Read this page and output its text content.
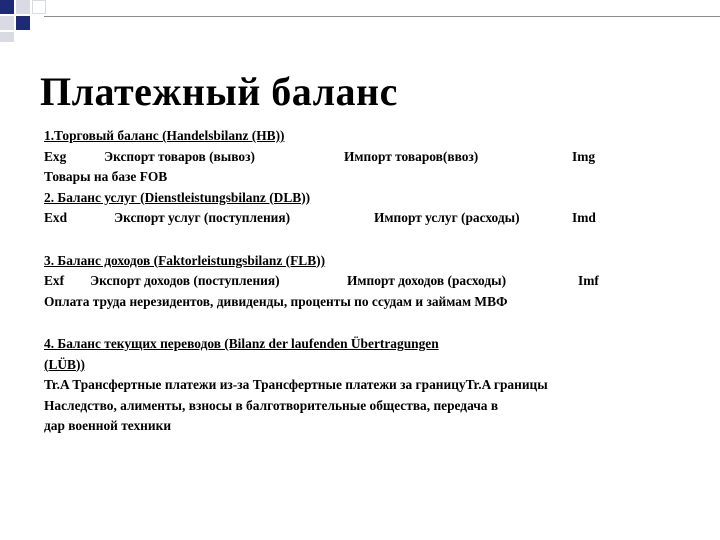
Платежный баланс
1.Торговый баланс (Handelsbilanz (HB))
Exg	Экспорт товаров (вывоз)	Импорт товаров(ввоз)	Img
Товары на базе FOB
2. Баланс услуг (Dienstleistungsbilanz (DLB))
Exd	Экспорт услуг (поступления)	Импорт услуг (расходы)	Imd
3. Баланс доходов (Faktorleistungsbilanz (FLB))
Exf Экспорт доходов (поступления)	Импорт доходов (расходы)	Imf
Оплата труда нерезидентов, дивиденды, проценты по ссудам и займам МВФ
4. Баланс текущих переводов (Bilanz der laufenden Übertragungen
(LÜB))
Tr.A Трансфертные платежи из-за Трансфертные платежи за границуTr.A границы
Наследство, алименты, взносы в балготворительные общества, передача в
дар военной техники
